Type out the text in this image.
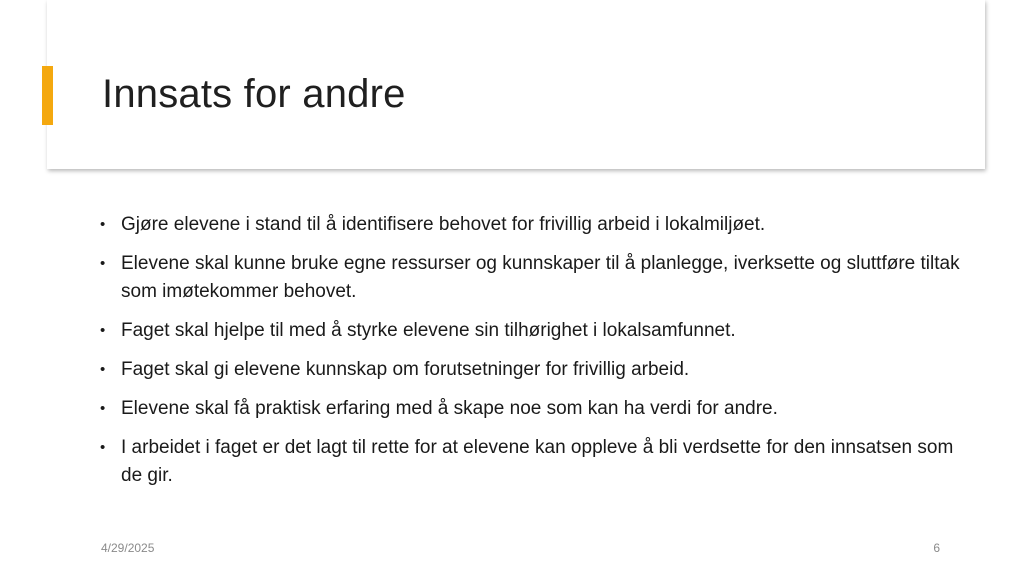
Innsats for andre
• Gjøre elevene i stand til å identifisere behovet for frivillig arbeid i lokalmiljøet.
• Elevene skal kunne bruke egne ressurser og kunnskaper til å planlegge, iverksette og sluttføre tiltak som imøtekommer behovet.
• Faget skal hjelpe til med å styrke elevene sin tilhørighet i lokalsamfunnet.
• Faget skal gi elevene kunnskap om forutsetninger for frivillig arbeid.
• Elevene skal få praktisk erfaring med å skape noe som kan ha verdi for andre.
• I arbeidet i faget er det lagt til rette for at elevene kan oppleve å bli verdsette for den innsatsen som de gir.
4/29/2025	6
